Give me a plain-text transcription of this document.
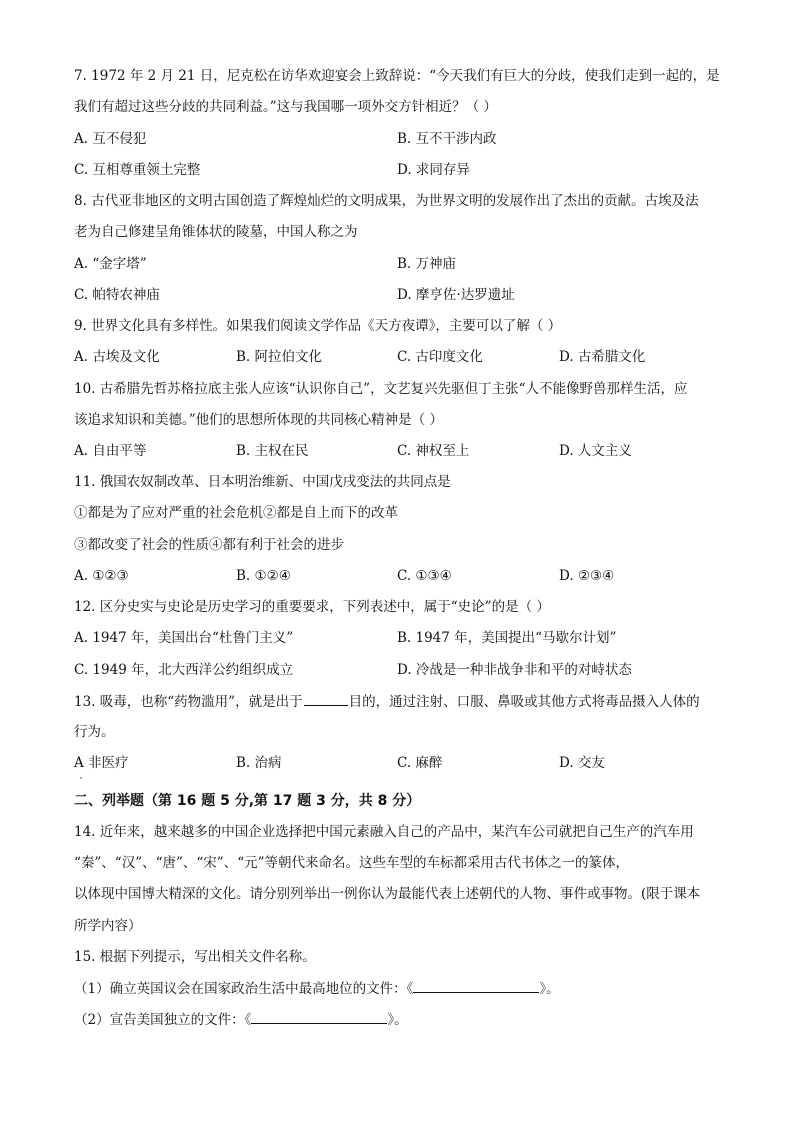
7. 1972 年 2 月 21 日，尼克松在访华欢迎宴会上致辞说：“今天我们有巨大的分歧，使我们走到一起的，是
我们有超过这些分歧的共同利益。”这与我国哪一项外交方针相近？（ ）
A. 互不侵犯	B. 互不干涉内政
C. 互相尊重领土完整	D. 求同存异
8. 古代亚非地区的文明古国创造了辉煌灿烂的文明成果，为世界文明的发展作出了杰出的贡献。古埃及法
老为自己修建呈角锥体状的陵墓，中国人称之为
A. “金字塔”	B. 万神庙
C. 帕特农神庙	D. 摩亨佐·达罗遗址
9. 世界文化具有多样性。如果我们阅读文学作品《天方夜谭》，主要可以了解（ ）
A. 古埃及文化	B. 阿拉伯文化	C. 古印度文化	D. 古希腊文化
10. 古希腊先哲苏格拉底主张人应该“认识你自己”，文艺复兴先驱但丁主张“人不能像野兽那样生活，应
该追求知识和美德。”他们的思想所体现的共同核心精神是（ ）
A. 自由平等	B. 主权在民	C. 神权至上	D. 人文主义
11. 俄国农奴制改革、日本明治维新、中国戊戌变法的共同点是
①都是为了应对严重的社会危机②都是自上而下的改革
③都改变了社会的性质④都有利于社会的进步
A. ①②③	B. ①②④	C. ①③④	D. ②③④
12. 区分史实与史论是历史学习的重要要求，下列表述中，属于“史论”的是（ ）
A. 1947 年，美国出台“杜鲁门主义”	B. 1947 年，美国提出“马歇尔计划”
C. 1949 年，北大西洋公约组织成立	D. 冷战是一种非战争非和平的对峙状态
13. 吸毒，也称“药物滥用”，就是出于	目的，通过注射、口服、鼻吸或其他方式将毒品摄入人体的
行为。
A 非医疗	B. 治病	C. 麻醉	D. 交友
二、列举题（第 16 题 5 分,第 17 题 3 分，共 8 分）
14. 近年来，越来越多的中国企业选择把中国元素融入自己的产品中，某汽车公司就把自己生产的汽车用
“秦”、“汉”、“唐”、“宋”、“元”等朝代来命名。这些车型的车标都采用古代书体之一的篆体，
以体现中国博大精深的文化。请分别列举出一例你认为最能代表上述朝代的人物、事件或事物。(限于课本
所学内容）
15. 根据下列提示，写出相关文件名称。
（1）确立英国议会在国家政治生活中最高地位的文件：《	》。
（2）宣告美国独立的文件：《	》。
